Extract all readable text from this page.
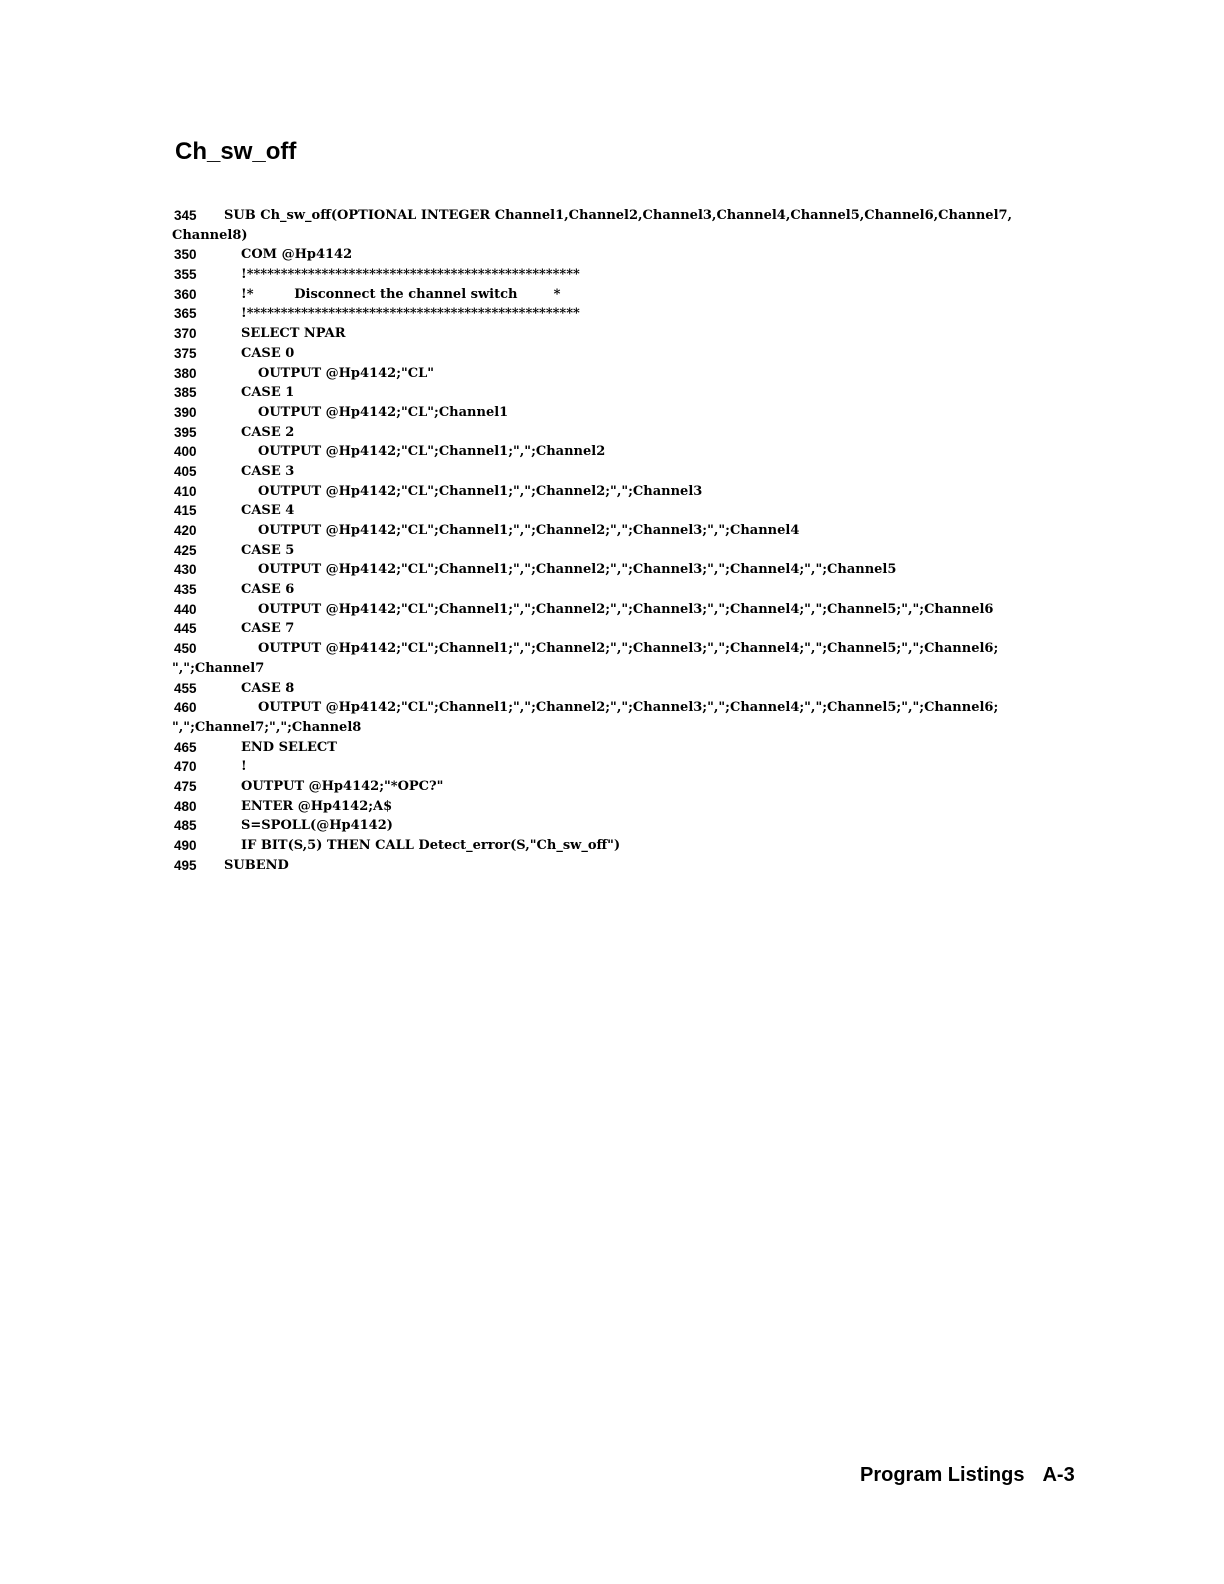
Ch_sw_off
345 SUB Ch_sw_off(OPTIONAL INTEGER Channel1,Channel2,Channel3,Channel4,Channel5,Channel6,Channel7,
Channel8)
350	COM @Hp4142
355	!*************************************************
360	!*         Disconnect the channel switch        *
365	!*************************************************
370	SELECT NPAR
375	CASE 0
380	OUTPUT @Hp4142;"CL"
385	CASE 1
390	OUTPUT @Hp4142;"CL";Channel1
395	CASE 2
400	OUTPUT @Hp4142;"CL";Channel1;",";Channel2
405	CASE 3
410	OUTPUT @Hp4142;"CL";Channel1;",";Channel2;",";Channel3
415	CASE 4
420	OUTPUT @Hp4142;"CL";Channel1;",";Channel2;",";Channel3;",";Channel4
425	CASE 5
430	OUTPUT @Hp4142;"CL";Channel1;",";Channel2;",";Channel3;",";Channel4;",";Channel5
435	CASE 6
440	OUTPUT @Hp4142;"CL";Channel1;",";Channel2;",";Channel3;",";Channel4;",";Channel5;",";Channel6
445	CASE 7
450	OUTPUT @Hp4142;"CL";Channel1;",";Channel2;",";Channel3;",";Channel4;",";Channel5;",";Channel6;
",";Channel7
455	CASE 8
460	OUTPUT @Hp4142;"CL";Channel1;",";Channel2;",";Channel3;",";Channel4;",";Channel5;",";Channel6;
",";Channel7;",";Channel8
465	END SELECT
470	!
475	OUTPUT @Hp4142;"*OPC?"
480	ENTER @Hp4142;A$
485	S=SPOLL(@Hp4142)
490	IF BIT(S,5) THEN CALL Detect_error(S,"Ch_sw_off")
495 SUBEND
Program Listings A-3
